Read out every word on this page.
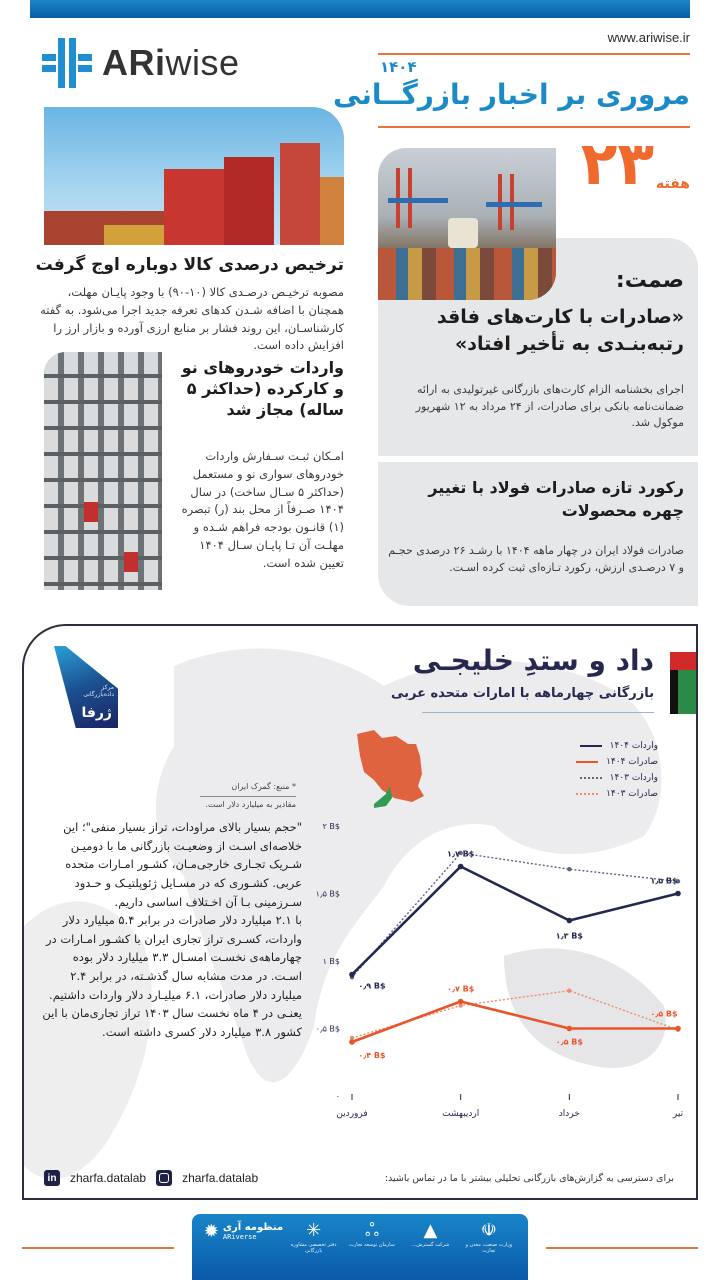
www.ariwise.ir
ARiwise	۱۴۰۴
مروری بر اخبار بازرگــانی
۲۳ هفته
ترخیص درصدی کالا دوباره اوج گرفت
مصوبه ترخیـص درصـدی کالا (۱۰-۹۰) با وجود پایـان مهلت، همچنان با اضافه شـدن کدهای تعرفه جدید اجرا می‌شود. به گفته کارشناسـان، این روند فشار بر منابع ارزی آورده و بازار ارز را افزایش داده است.
واردات خودروهای نو و کارکرده (حداکثر ۵ ساله) مجاز شد
امـکان ثبـت سـفارش واردات خودروهای سواری نو و مستعمل (حداکثر ۵ سـال ساخت) در سال ۱۴۰۴ صـرفاً از محل بند (ر) تبصره (۱) قانـون بودجه فراهم شـده و مهلـت آن تـا پایـان سـال ۱۴۰۴ تعیین شده است.
صمت:
«صادرات با کارت‌های فاقد رتبه‌بنـدی به تأخیر افتاد»
اجرای بخشنامه الزام کارت‌های بازرگانی غیرتولیدی به ارائه ضمانت‌نامه بانکی برای صادرات، از ۲۴ مرداد به ۱۲ شهریور موکول شد.
رکورد تازه صادرات فولاد با تغییر چهره محصولات
صادرات فولاد ایران در چهار ماهه ۱۴۰۴ با رشـد ۲۶ درصدی حجـم و ۷ درصـدی ارزش، رکورد تـازه‌ای ثبت کرده اسـت.
مرکز داده‌بازرگانی
ژرفا
داد و ستدِ خلیجـی
بازرگانی چهارماهه با امارات متحده عربی
واردات ۱۴۰۴
صادرات ۱۴۰۴
واردات ۱۴۰۳
صادرات ۱۴۰۳
* منبع: گمرک ایران
مقادیر به میلیارد دلار است.
"حجم بسیار بالای مراودات، تراز بسیار منفی"؛ این خلاصه‌ای اسـت از وضعیـت بازرگانی ما با دومیـن شـریک تجـاری خارجی‌مـان، کشـور امـارات متحده عربی. کشـوری که در مسـایل ژئوپلتیـک و حـدود سـرزمینی بـا آن اخـتلاف اساسی داریم.
با ۲.۱ میلیارد دلار صادرات در برابر ۵.۴ میلیارد دلار واردات، کسـری تراز تجاری ایران با کشـور امـارات در چهارماهه‌ی نخسـت امسـال ۳.۳ میلیارد دلار بوده اسـت. در مدت مشابه سال گذشـته، در برابر ۲.۴ میلیارد دلار صادرات، ۶.۱ میلیـارد دلار واردات داشتیم. یعنـی در ۴ ماه نخست سال ۱۴۰۳ تراز تجاری‌مان با این کشور ۳.۸ میلیارد دلار کسری داشته است.
۰
۰٫۵ B$
۱ B$
۱٫۵ B$
۲ B$
فروردین	اردیبهشت	خرداد	تیر
۰٫۹ B$
۱٫۷ B$
۱٫۳ B$
۱٫۵ B$
۰٫۴ B$
۰٫۷ B$
۰٫۵ B$
۰٫۵ B$
in zharfa.datalab	zharfa.datalab	برای دسترسی به گزارش‌های بازرگانی تحلیلی بیشتر با ما در تماس باشید:
☫
وزارت صنعت، معدن و تجارت
▲
شرکت گسترش...
ஃ
سازمان توسعه تجارت
✳
دفتر تخصصی مشاوره بازرگانی
منظومه آری
ARiverse
✹
